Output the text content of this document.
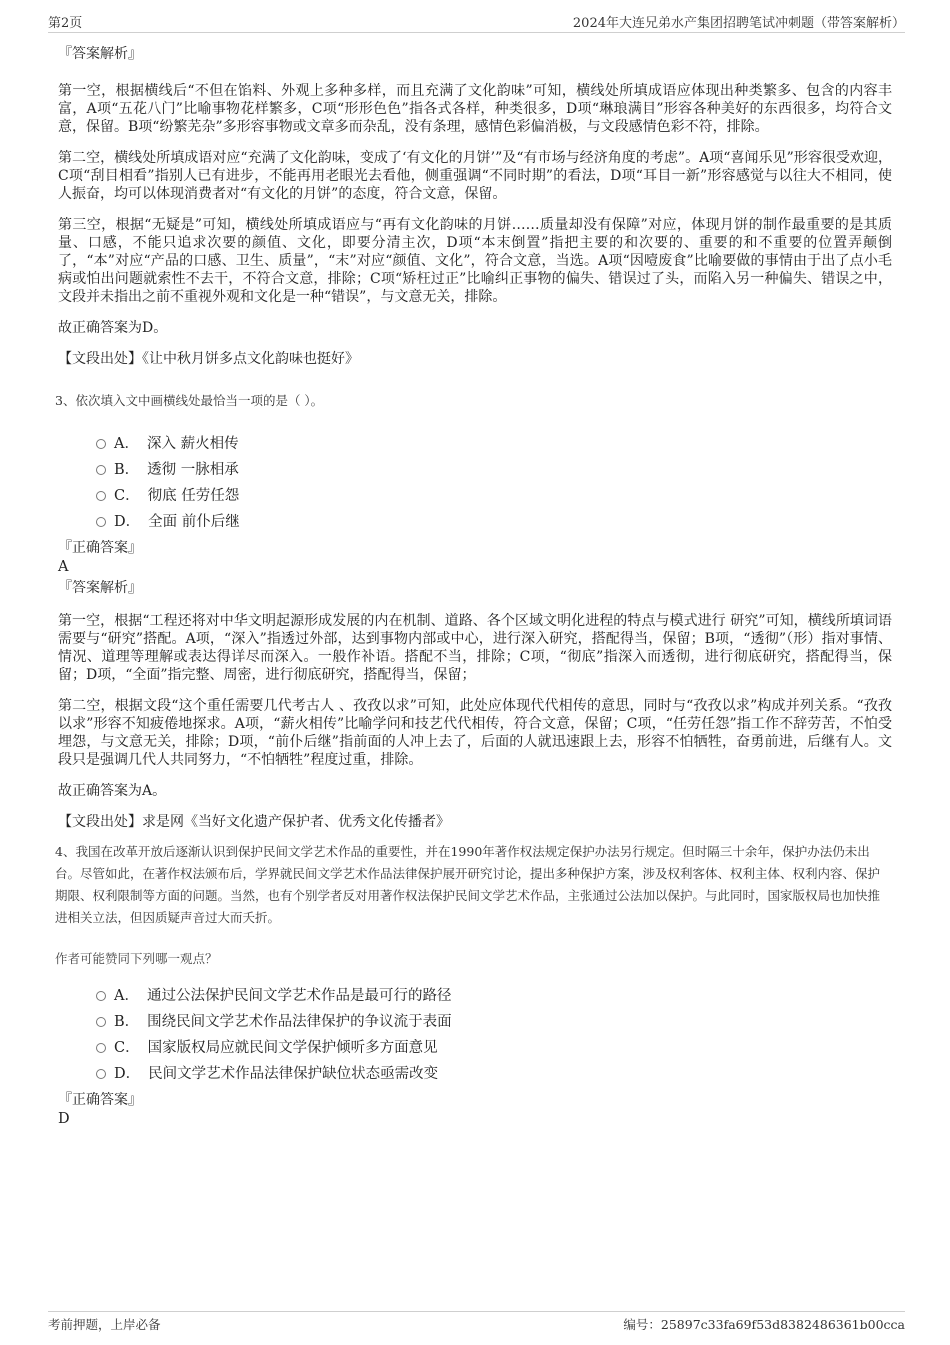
第2页	2024年大连兄弟水产集团招聘笔试冲刺题（带答案解析）

『答案解析』

第一空，根据横线后“不但在馅料、外观上多种多样，而且充满了文化韵味”可知，横线处所填成语应体现出种类繁多、包含的内容丰富，A项“五花八门”比喻事物花样繁多，C项“形形色色”指各式各样，种类很多，D项“琳琅满目”形容各种美好的东西很多，均符合文意，保留。B项“纷繁芜杂”多形容事物或文章多而杂乱，没有条理，感情色彩偏消极，与文段感情色彩不符，排除。

第二空，横线处所填成语对应“充满了文化韵味，变成了‘有文化的月饼’”及“有市场与经济角度的考虑”。A项“喜闻乐见”形容很受欢迎，C项“刮目相看”指别人已有进步，不能再用老眼光去看他，侧重强调“不同时期”的看法，D项“耳目一新”形容感觉与以往大不相同，使人振奋，均可以体现消费者对“有文化的月饼”的态度，符合文意，保留。

第三空，根据“无疑是”可知，横线处所填成语应与“再有文化韵味的月饼……质量却没有保障”对应，体现月饼的制作最重要的是其质量、口感，不能只追求次要的颜值、文化，即要分清主次，D项“本末倒置”指把主要的和次要的、重要的和不重要的位置弄颠倒了，“本”对应“产品的口感、卫生、质量”，“末”对应“颜值、文化”，符合文意，当选。A项“因噎废食”比喻要做的事情由于出了点小毛病或怕出问题就索性不去干，不符合文意，排除；C项“矫枉过正”比喻纠正事物的偏失、错误过了头，而陷入另一种偏失、错误之中，文段并未指出之前不重视外观和文化是一种“错误”，与文意无关，排除。

故正确答案为D。

【文段出处】《让中秋月饼多点文化韵味也挺好》

3、依次填入文中画横线处最恰当一项的是（ ）。

A． 深入 薪火相传
B． 透彻 一脉相承
C． 彻底 任劳任怨
D． 全面 前仆后继

『正确答案』

A

『答案解析』

第一空，根据“工程还将对中华文明起源形成发展的内在机制、道路、各个区域文明化进程的特点与模式进行 研究”可知，横线所填词语需要与“研究”搭配。A项，“深入”指透过外部，达到事物内部或中心，进行深入研究，搭配得当，保留；B项，“透彻”（形）指对事情、情况、道理等理解或表达得详尽而深入。一般作补语。搭配不当，排除；C项，“彻底”指深入而透彻，进行彻底研究，搭配得当，保留；D项，“全面”指完整、周密，进行彻底研究，搭配得当，保留；

第二空，根据文段“这个重任需要几代考古人 、孜孜以求”可知，此处应体现代代相传的意思，同时与“孜孜以求”构成并列关系。“孜孜以求”形容不知疲倦地探求。A项，“薪火相传”比喻学问和技艺代代相传，符合文意，保留；C项，“任劳任怨”指工作不辞劳苦，不怕受埋怨，与文意无关，排除；D项，“前仆后继”指前面的人冲上去了，后面的人就迅速跟上去，形容不怕牺牲，奋勇前进，后继有人。文段只是强调几代人共同努力，“不怕牺牲”程度过重，排除。

故正确答案为A。

【文段出处】求是网《当好文化遗产保护者、优秀文化传播者》

4、我国在改革开放后逐渐认识到保护民间文学艺术作品的重要性，并在1990年著作权法规定保护办法另行规定。但时隔三十余年，保护办法仍未出台。尽管如此，在著作权法颁布后，学界就民间文学艺术作品法律保护展开研究讨论，提出多种保护方案，涉及权利客体、权利主体、权利内容、保护期限、权利限制等方面的问题。当然，也有个别学者反对用著作权法保护民间文学艺术作品，主张通过公法加以保护。与此同时，国家版权局也加快推进相关立法，但因质疑声音过大而夭折。

作者可能赞同下列哪一观点？

A． 通过公法保护民间文学艺术作品是最可行的路径
B． 围绕民间文学艺术作品法律保护的争议流于表面
C． 国家版权局应就民间文学保护倾听多方面意见
D． 民间文学艺术作品法律保护缺位状态亟需改变

『正确答案』

D

考前押题，上岸必备	编号：25897c33fa69f53d8382486361b00cca
